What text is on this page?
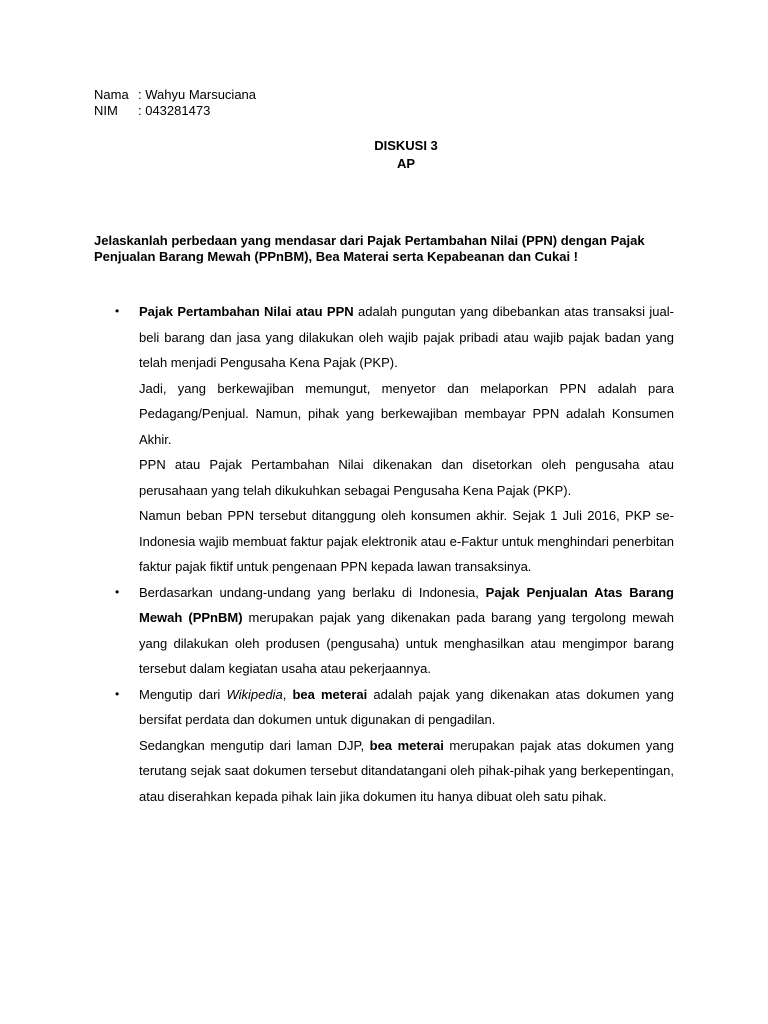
Nama : Wahyu Marsuciana
NIM	: 043281473
DISKUSI 3
AP
Jelaskanlah perbedaan yang mendasar dari Pajak Pertambahan Nilai (PPN) dengan Pajak Penjualan Barang Mewah (PPnBM), Bea Materai serta Kepabeanan dan Cukai !
• Pajak Pertambahan Nilai atau PPN adalah pungutan yang dibebankan atas transaksi jual-beli barang dan jasa yang dilakukan oleh wajib pajak pribadi atau wajib pajak badan yang telah menjadi Pengusaha Kena Pajak (PKP).

Jadi, yang berkewajiban memungut, menyetor dan melaporkan PPN adalah para Pedagang/Penjual. Namun, pihak yang berkewajiban membayar PPN adalah Konsumen Akhir.

PPN atau Pajak Pertambahan Nilai dikenakan dan disetorkan oleh pengusaha atau perusahaan yang telah dikukuhkan sebagai Pengusaha Kena Pajak (PKP).

Namun beban PPN tersebut ditanggung oleh konsumen akhir. Sejak 1 Juli 2016, PKP se-Indonesia wajib membuat faktur pajak elektronik atau e-Faktur untuk menghindari penerbitan faktur pajak fiktif untuk pengenaan PPN kepada lawan transaksinya.

• Berdasarkan undang-undang yang berlaku di Indonesia, Pajak Penjualan Atas Barang Mewah (PPnBM) merupakan pajak yang dikenakan pada barang yang tergolong mewah yang dilakukan oleh produsen (pengusaha) untuk menghasilkan atau mengimpor barang tersebut dalam kegiatan usaha atau pekerjaannya.

• Mengutip dari Wikipedia, bea meterai adalah pajak yang dikenakan atas dokumen yang bersifat perdata dan dokumen untuk digunakan di pengadilan.

Sedangkan mengutip dari laman DJP, bea meterai merupakan pajak atas dokumen yang terutang sejak saat dokumen tersebut ditandatangani oleh pihak-pihak yang berkepentingan, atau diserahkan kepada pihak lain jika dokumen itu hanya dibuat oleh satu pihak.
